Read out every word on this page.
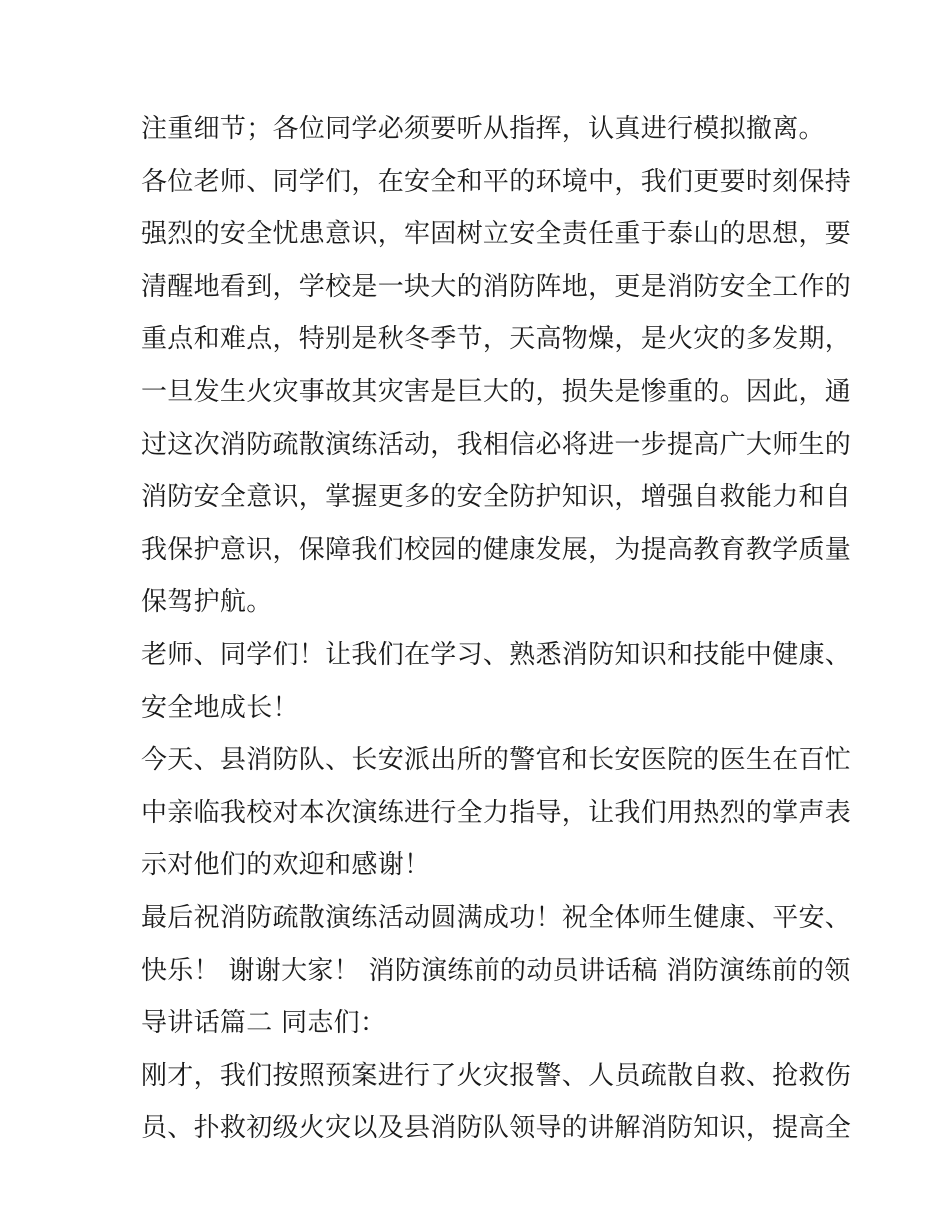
注重细节；各位同学必须要听从指挥，认真进行模拟撤离。
各位老师、同学们，在安全和平的环境中，我们更要时刻保持
强烈的安全忧患意识，牢固树立安全责任重于泰山的思想，要
清醒地看到，学校是一块大的消防阵地，更是消防安全工作的
重点和难点，特别是秋冬季节，天高物燥，是火灾的多发期，
一旦发生火灾事故其灾害是巨大的，损失是惨重的。因此，通
过这次消防疏散演练活动，我相信必将进一步提高广大师生的
消防安全意识，掌握更多的安全防护知识，增强自救能力和自
我保护意识，保障我们校园的健康发展，为提高教育教学质量
保驾护航。
老师、同学们！让我们在学习、熟悉消防知识和技能中健康、
安全地成长！
今天、县消防队、长安派出所的警官和长安医院的医生在百忙
中亲临我校对本次演练进行全力指导，让我们用热烈的掌声表
示对他们的欢迎和感谢！
最后祝消防疏散演练活动圆满成功！祝全体师生健康、平安、
快乐！ 谢谢大家！ 消防演练前的动员讲话稿 消防演练前的领
导讲话篇二 同志们：
刚才，我们按照预案进行了火灾报警、人员疏散自救、抢救伤
员、扑救初级火灾以及县消防队领导的讲解消防知识，提高全
